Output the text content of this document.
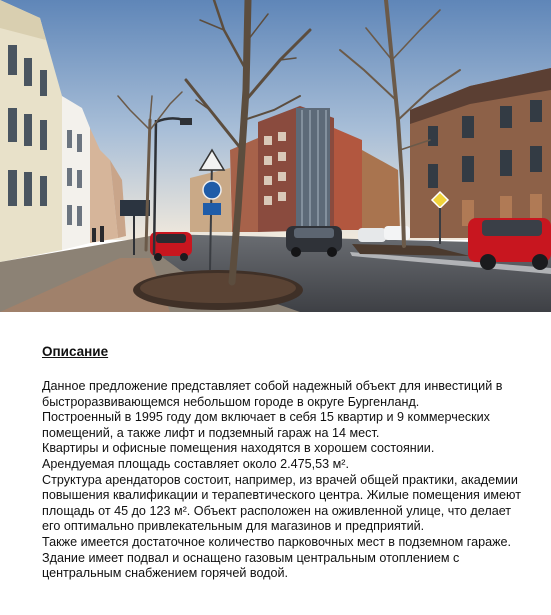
Описание

Данное предложение представляет собой надежный объект для инвестиций в быстроразвивающемся небольшом городе в округе Бургенланд.

Построенный в 1995 году дом включает в себя 15 квартир и 9 коммерческих помещений, а также лифт и подземный гараж на 14 мест.

Квартиры и офисные помещения находятся в хорошем состоянии.

Арендуемая площадь составляет около 2.475,53 м².

Структура арендаторов состоит, например, из врачей общей практики, академии повышения квалификации и терапевтического центра. Жилые помещения имеют площадь от 45 до 123 м². Объект расположен на оживленной улице, что делает его оптимально привлекательным для магазинов и предприятий.

Также имеется достаточное количество парковочных мест в подземном гараже.

Здание имеет подвал и оснащено газовым центральным отоплением с центральным снабжением горячей водой.
